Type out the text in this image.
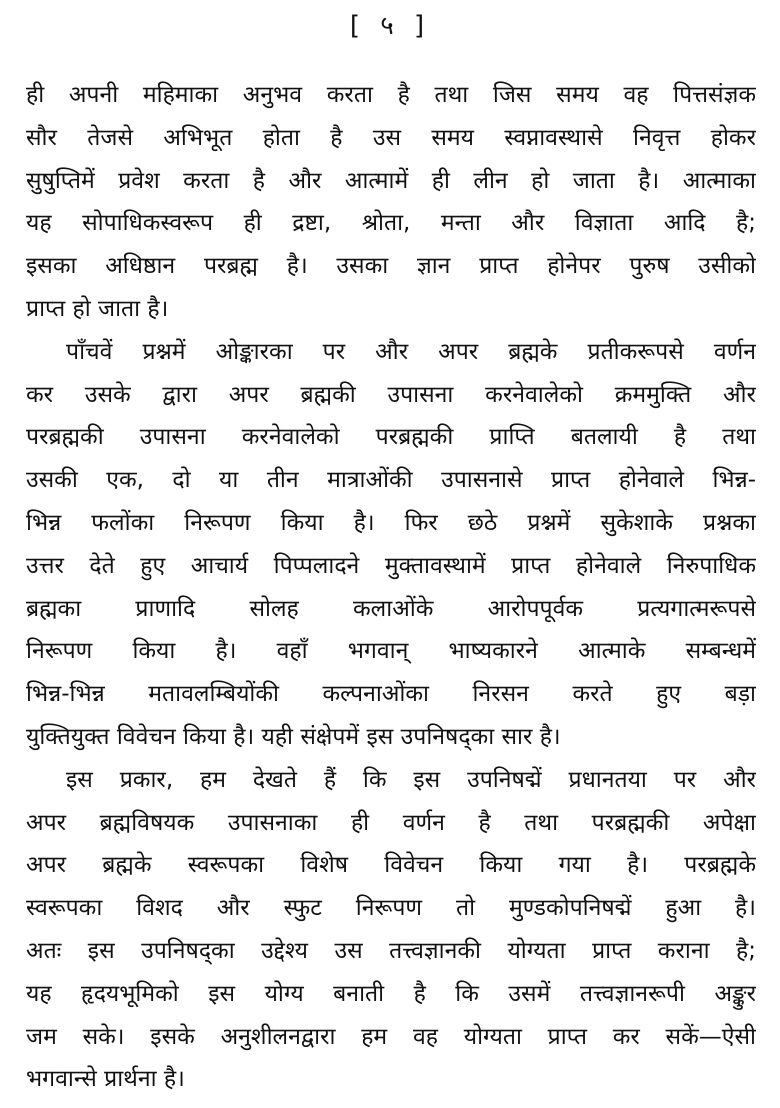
[ ५ ]
ही अपनी महिमाका अनुभव करता है तथा जिस समय वह पित्तसंज्ञक
सौर तेजसे अभिभूत होता है उस समय स्वप्नावस्थासे निवृत्त होकर
सुषुप्तिमें प्रवेश करता है और आत्मामें ही लीन हो जाता है। आत्माका
यह सोपाधिकस्वरूप ही द्रष्टा, श्रोता, मन्ता और विज्ञाता आदि है;
इसका अधिष्ठान परब्रह्म है। उसका ज्ञान प्राप्त होनेपर पुरुष उसीको
प्राप्त हो जाता है।
पाँचवें प्रश्नमें ओङ्कारका पर और अपर ब्रह्मके प्रतीकरूपसे वर्णन
कर उसके द्वारा अपर ब्रह्मकी उपासना करनेवालेको क्रममुक्ति और
परब्रह्मकी उपासना करनेवालेको परब्रह्मकी प्राप्ति बतलायी है तथा
उसकी एक, दो या तीन मात्राओंकी उपासनासे प्राप्त होनेवाले भिन्न-
भिन्न फलोंका निरूपण किया है। फिर छठे प्रश्नमें सुकेशाके प्रश्नका
उत्तर देते हुए आचार्य पिप्पलादने मुक्तावस्थामें प्राप्त होनेवाले निरुपाधिक
ब्रह्मका प्राणादि सोलह कलाओंके आरोपपूर्वक प्रत्यगात्मरूपसे
निरूपण किया है। वहाँ भगवान् भाष्यकारने आत्माके सम्बन्धमें
भिन्न-भिन्न मतावलम्बियोंकी कल्पनाओंका निरसन करते हुए बड़ा
युक्तियुक्त विवेचन किया है। यही संक्षेपमें इस उपनिषद्का सार है।
इस प्रकार, हम देखते हैं कि इस उपनिषद्में प्रधानतया पर और
अपर ब्रह्मविषयक उपासनाका ही वर्णन है तथा परब्रह्मकी अपेक्षा
अपर ब्रह्मके स्वरूपका विशेष विवेचन किया गया है। परब्रह्मके
स्वरूपका विशद और स्फुट निरूपण तो मुण्डकोपनिषद्में हुआ है।
अतः इस उपनिषद्का उद्देश्य उस तत्त्वज्ञानकी योग्यता प्राप्त कराना है;
यह हृदयभूमिको इस योग्य बनाती है कि उसमें तत्त्वज्ञानरूपी अङ्कुर
जम सके। इसके अनुशीलनद्वारा हम वह योग्यता प्राप्त कर सकें—ऐसी
भगवान्से प्रार्थना है।
